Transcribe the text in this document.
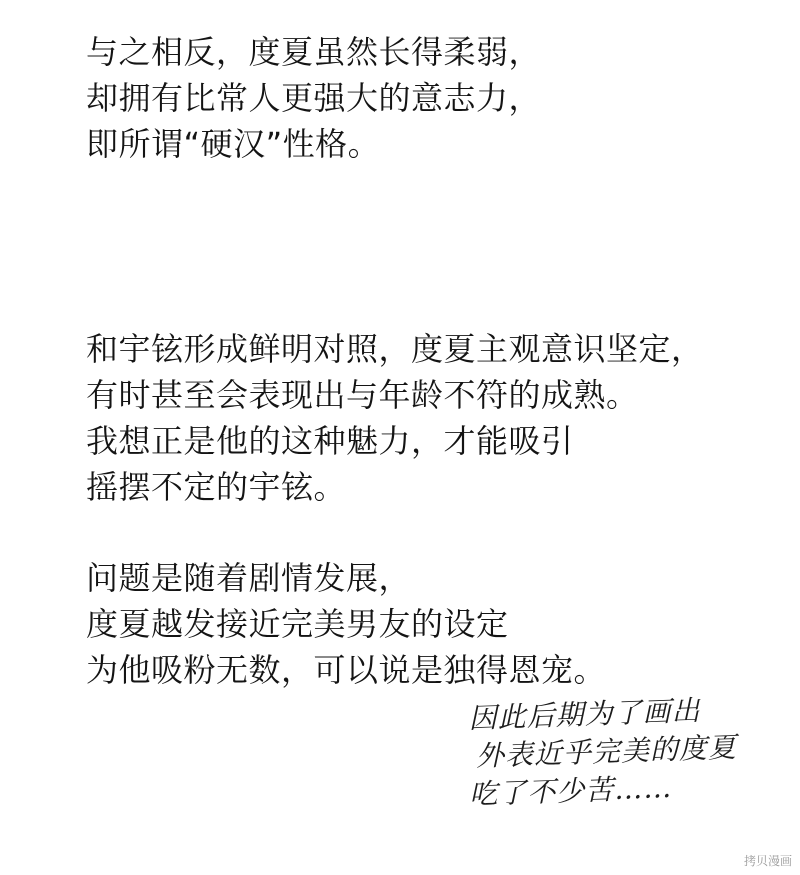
与之相反，度夏虽然长得柔弱，
却拥有比常人更强大的意志力，
即所谓“硬汉”性格。
和宇铉形成鲜明对照，度夏主观意识坚定，
有时甚至会表现出与年龄不符的成熟。
我想正是他的这种魅力，才能吸引
摇摆不定的宇铉。
问题是随着剧情发展，
度夏越发接近完美男友的设定
为他吸粉无数，可以说是独得恩宠。
因此后期为了画出
外表近乎完美的度夏
吃了不少苦……
拷贝漫画
